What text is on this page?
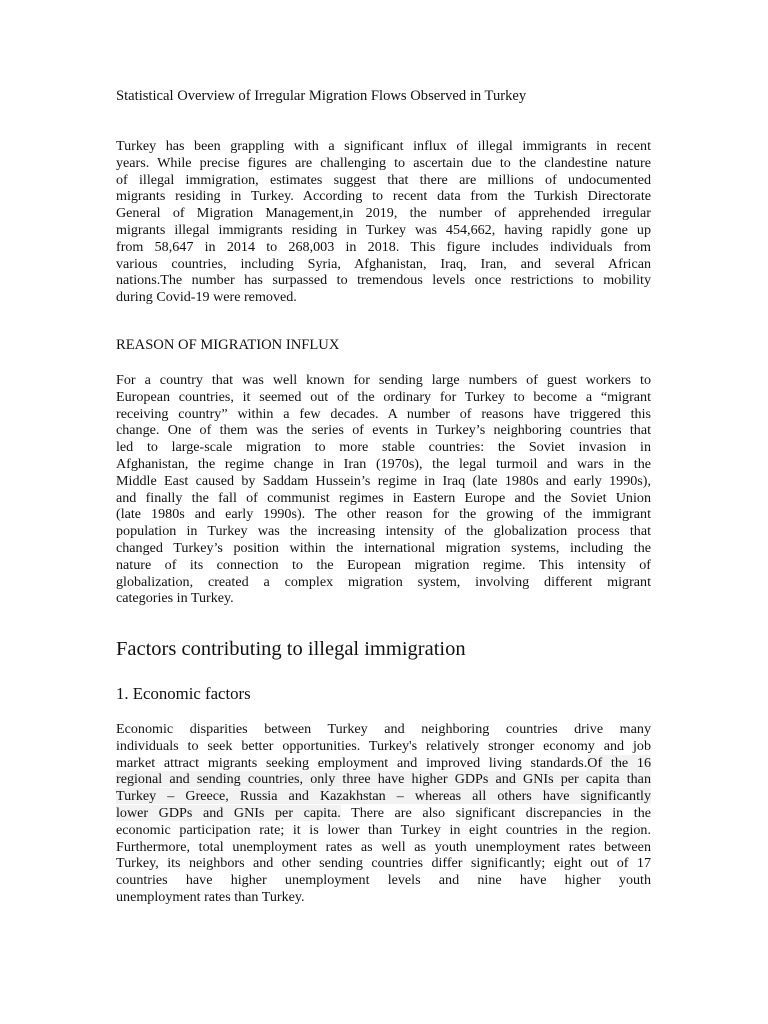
Statistical Overview of Irregular Migration Flows Observed in Turkey
Turkey has been grappling with a significant influx of illegal immigrants in recent
years. While precise figures are challenging to ascertain due to the clandestine nature
of illegal immigration, estimates suggest that there are millions of undocumented
migrants residing in Turkey. According to recent data from the Turkish Directorate
General of Migration Management,in 2019, the number of apprehended irregular
migrants illegal immigrants residing in Turkey was 454,662, having rapidly gone up
from 58,647 in 2014 to 268,003 in 2018. This figure includes individuals from
various countries, including Syria, Afghanistan, Iraq, Iran, and several African
nations.The number has surpassed to tremendous levels once restrictions to mobility
during Covid-19 were removed.
REASON OF MIGRATION INFLUX
For a country that was well known for sending large numbers of guest workers to
European countries, it seemed out of the ordinary for Turkey to become a “migrant
receiving country” within a few decades. A number of reasons have triggered this
change. One of them was the series of events in Turkey’s neighboring countries that
led to large-scale migration to more stable countries: the Soviet invasion in
Afghanistan, the regime change in Iran (1970s), the legal turmoil and wars in the
Middle East caused by Saddam Hussein’s regime in Iraq (late 1980s and early 1990s),
and finally the fall of communist regimes in Eastern Europe and the Soviet Union
(late 1980s and early 1990s). The other reason for the growing of the immigrant
population in Turkey was the increasing intensity of the globalization process that
changed Turkey’s position within the international migration systems, including the
nature of its connection to the European migration regime. This intensity of
globalization, created a complex migration system, involving different migrant
categories in Turkey.
Factors contributing to illegal immigration
1. Economic factors
Economic disparities between Turkey and neighboring countries drive many
individuals to seek better opportunities. Turkey's relatively stronger economy and job
market attract migrants seeking employment and improved living standards.Of the 16
regional and sending countries, only three have higher GDPs and GNIs per capita than
Turkey – Greece, Russia and Kazakhstan – whereas all others have significantly
lower GDPs and GNIs per capita. There are also significant discrepancies in the
economic participation rate; it is lower than Turkey in eight countries in the region.
Furthermore, total unemployment rates as well as youth unemployment rates between
Turkey, its neighbors and other sending countries differ significantly; eight out of 17
countries have higher unemployment levels and nine have higher youth
unemployment rates than Turkey.
